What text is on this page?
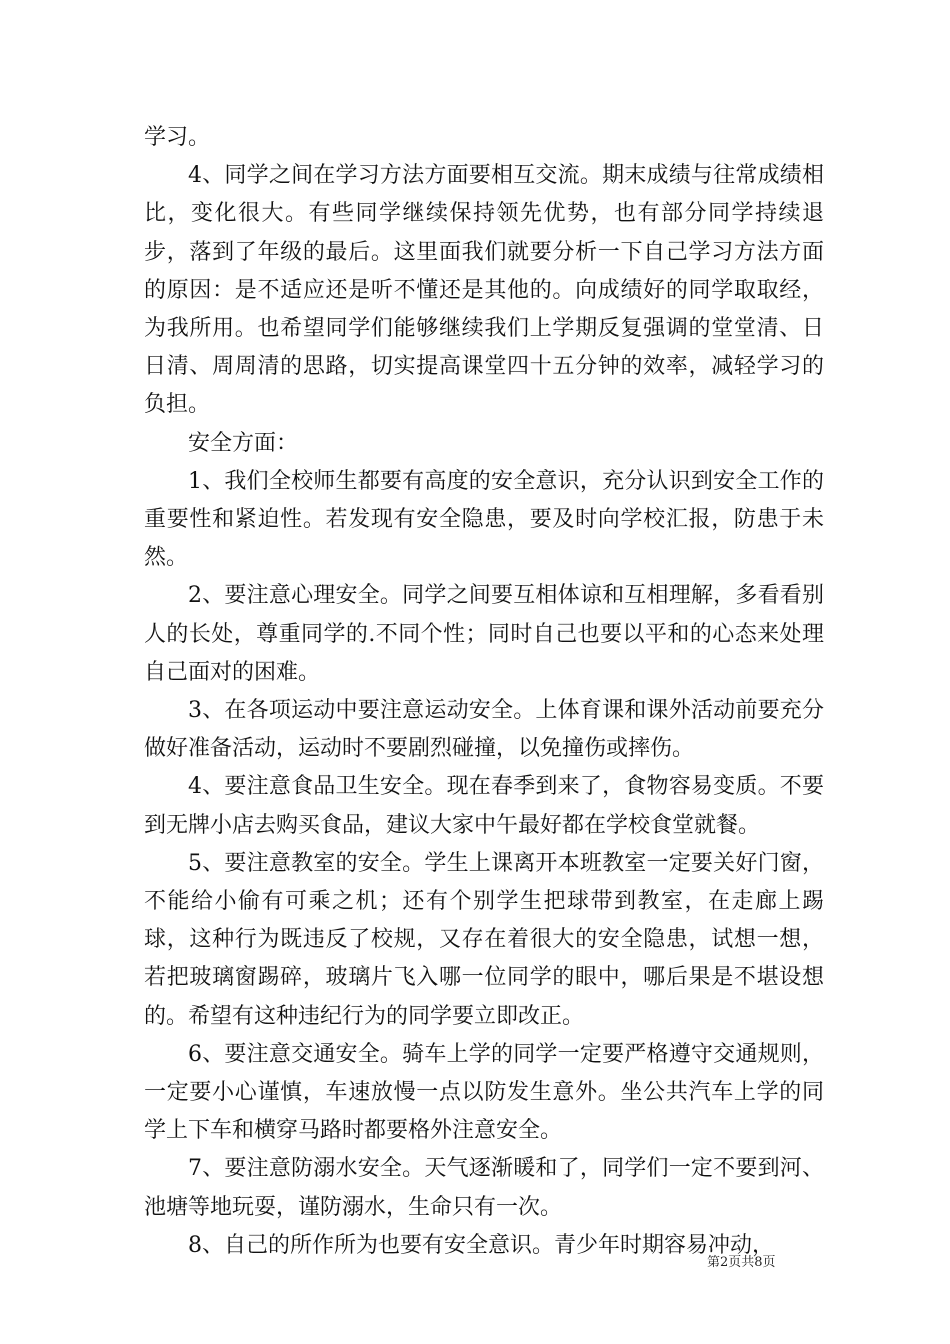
学习。

4、同学之间在学习方法方面要相互交流。期末成绩与往常成绩相比，变化很大。有些同学继续保持领先优势，也有部分同学持续退步，落到了年级的最后。这里面我们就要分析一下自己学习方法方面的原因：是不适应还是听不懂还是其他的。向成绩好的同学取取经，为我所用。也希望同学们能够继续我们上学期反复强调的堂堂清、日日清、周周清的思路，切实提高课堂四十五分钟的效率，减轻学习的负担。

安全方面：

1、我们全校师生都要有高度的安全意识，充分认识到安全工作的重要性和紧迫性。若发现有安全隐患，要及时向学校汇报，防患于未然。

2、要注意心理安全。同学之间要互相体谅和互相理解，多看看别人的长处，尊重同学的.不同个性；同时自己也要以平和的心态来处理自己面对的困难。

3、在各项运动中要注意运动安全。上体育课和课外活动前要充分做好准备活动，运动时不要剧烈碰撞，以免撞伤或摔伤。

4、要注意食品卫生安全。现在春季到来了，食物容易变质。不要到无牌小店去购买食品，建议大家中午最好都在学校食堂就餐。

5、要注意教室的安全。学生上课离开本班教室一定要关好门窗，不能给小偷有可乘之机；还有个别学生把球带到教室，在走廊上踢球，这种行为既违反了校规，又存在着很大的安全隐患，试想一想，若把玻璃窗踢碎，玻璃片飞入哪一位同学的眼中，哪后果是不堪设想的。希望有这种违纪行为的同学要立即改正。

6、要注意交通安全。骑车上学的同学一定要严格遵守交通规则，一定要小心谨慎，车速放慢一点以防发生意外。坐公共汽车上学的同学上下车和横穿马路时都要格外注意安全。

7、要注意防溺水安全。天气逐渐暖和了，同学们一定不要到河、池塘等地玩耍，谨防溺水，生命只有一次。

8、自己的所作所为也要有安全意识。青少年时期容易冲动，

第2页共8页
